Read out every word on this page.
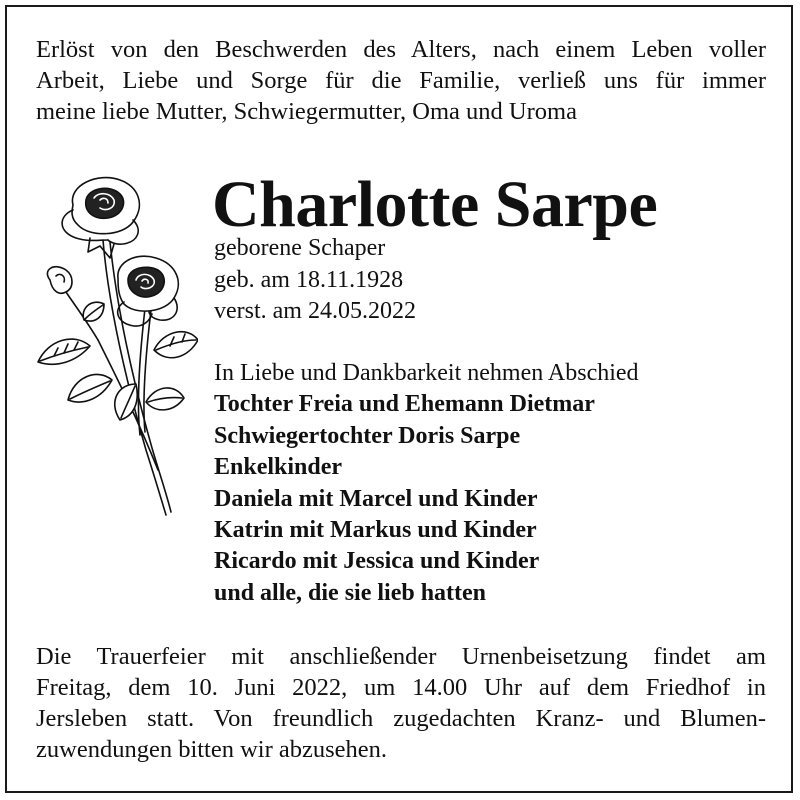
Erlöst von den Beschwerden des Alters, nach einem Leben voller
Arbeit, Liebe und Sorge für die Familie, verließ uns für immer
meine liebe Mutter, Schwiegermutter, Oma und Uroma
Charlotte Sarpe
geborene Schaper
geb. am 18.11.1928
verst. am 24.05.2022
In Liebe und Dankbarkeit nehmen Abschied
Tochter Freia und Ehemann Dietmar
Schwiegertochter Doris Sarpe
Enkelkinder
Daniela mit Marcel und Kinder
Katrin mit Markus und Kinder
Ricardo mit Jessica und Kinder
und alle, die sie lieb hatten
Die Trauerfeier mit anschließender Urnenbeisetzung findet am
Freitag, dem 10. Juni 2022, um 14.00 Uhr auf dem Friedhof in
Jersleben statt. Von freundlich zugedachten Kranz- und Blumen-
zuwendungen bitten wir abzusehen.
